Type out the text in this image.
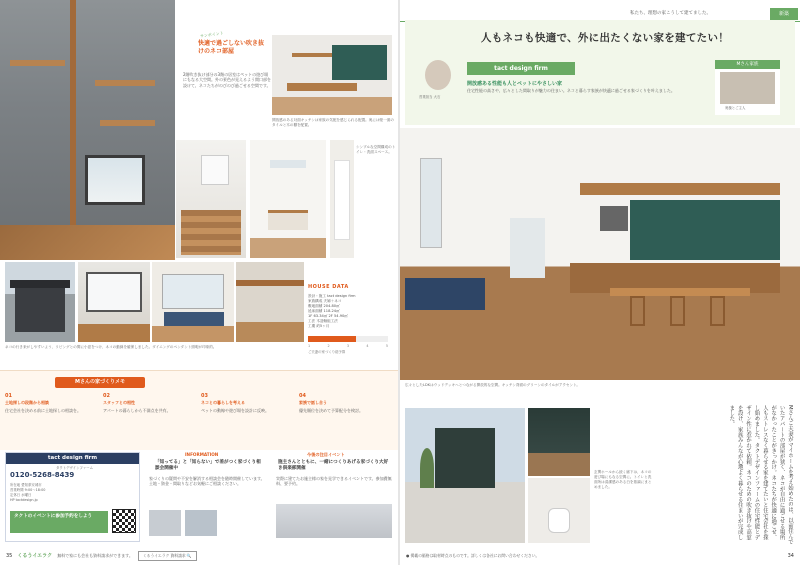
サンポイント
快適で過ごしない吹き抜けのネコ部屋
2階吹き抜け部分の3階の居室はペットの遊び場にもなる大空間。外の景色が見えるよう開口部を設けて、ネコたちがのびのび過ごせる空間です。
開放感のある対面キッチンは家族の気配を感じられる配置。奥には壁一面のタイルと木の棚を配置。
シンプルな空間構成のトイレ・洗面スペース。
ネコの行き来がしやすいよう、リビングとの間に小窓をつけ、ネコの動線を確保しました。ダイニングのペンダント照明が印象的。
HOUSE DATA
設計・施工 tact design firm
家族構成 夫婦＋ネコ
敷地面積 204.80㎡
延床面積 118.24㎡
1F 63.34㎡ 2F 54.90㎡
工法 木造軸組工法
工期 約5ヶ月
1	2	3	4	5
ご夫妻の家づくり総予算
Mさんの家づくりメモ
01
土地探しの段階から相談
住宅会社を決める前に土地探しの相談を。
02
スタッフとの相性
アパートの暮らしから不満点を共有。
03
ネコとの暮らしを考える
ペットの動線や遊び場を設計に反映。
04
家族で話し合う
優先順位を決めて予算配分を検討。
tact design firm
タクトデザインファーム
0120-5268-8439
所在地 愛知県安城市
営業時間 9:00〜18:00
定休日 水曜日
HP tactdesign.jp
タクトのイベントに参加予約をしよう
INFORMATION
「知ってる」と「知らない」で差がつく家づくり相談会開催中
家づくりの疑問や不安を解消する相談会を随時開催しています。土地・資金・間取りなどお気軽にご相談ください。
今後の注目イベント
施主さんとともに、一緒につくりあげる家づくり大好き倶楽部開催
実際に建てたお施主様の家を見学できるイベントです。参加費無料、要予約。
35 くるうイエラク 無料で家にも会社も資料請求ができます。	くるうイエラク 資料請求 🔍
私たち、理想の家こうして建てました。	新築
人もネコも快適で、外に出たくない家を建てたい！
営業担当 大石
tact design firm
開放感ある性能も人とペットにやさしい家
住宅性能の高さや、広々とした間取りが魅力の住まい。ネコと暮らす家族が快適に過ごせる家づくりを叶えました。
Mさん家族
奥様とご主人
広々としたLDKはウッドデッキへとつながる開放的な空間。キッチン背面のグリーンのタイルがアクセント。
玄関ホールから続く廊下は、ネコの遊び場にもなる空間に。トイレと洗面所は清潔感のある白を基調にまとめました。	Mさんご夫妻がマイホームを考え始めたのは、以前住んでいたアパートの部屋が狭く、ネコが自由に過ごせる場所がなかったことがきっかけ。ネコたちが快適に過ごせ、人もストレスなく暮らせる家を建てたいと住宅会社を探し始めました。タクトデザインファームの住宅性能とデザイン性に惹かれて依頼。ネコのための吹き抜けや高窓を設け、家族みんなが心地よく暮らせる住まいが完成しました。
● 掲載の価格は取材時点のものです。詳しくは各社にお問い合わせください。	34
